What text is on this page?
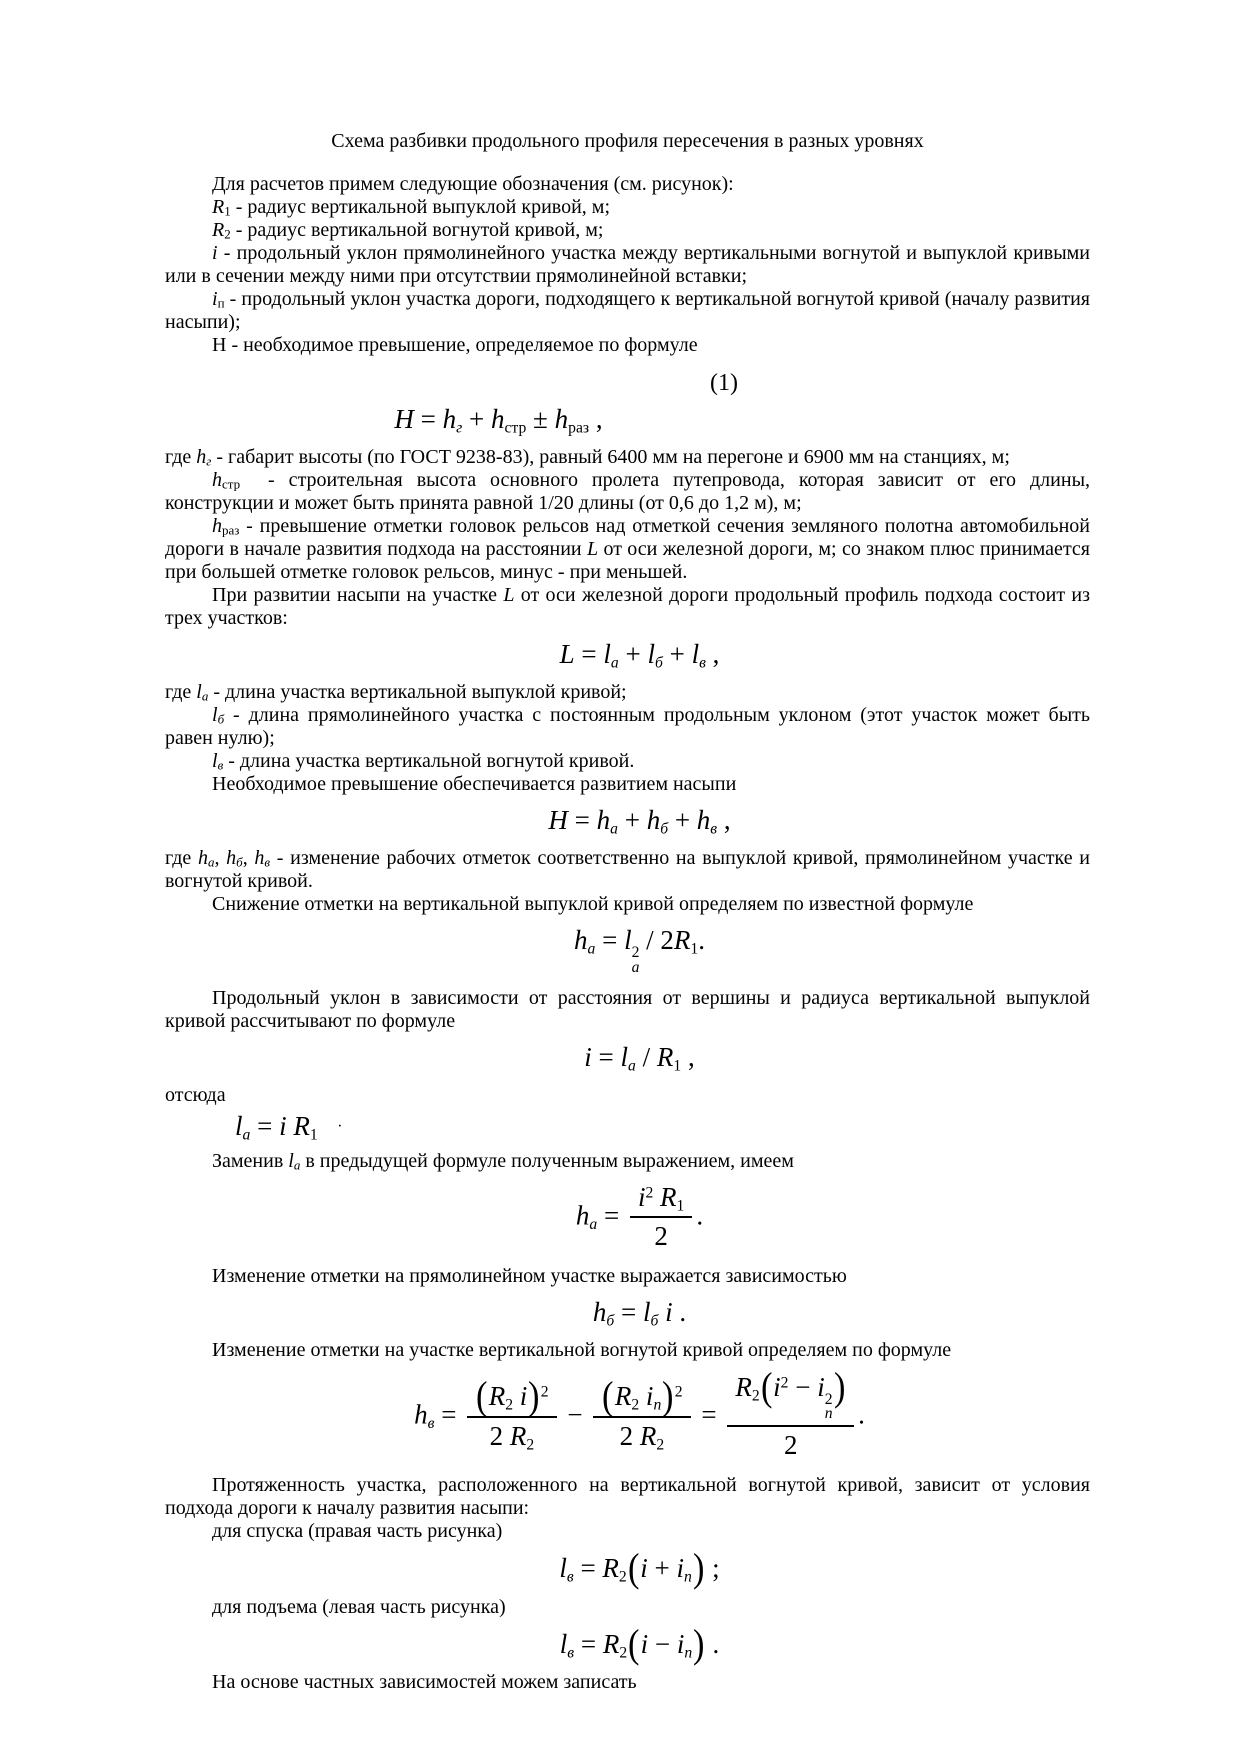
Схема разбивки продольного профиля пересечения в разных уровнях
Для расчетов примем следующие обозначения (см. рисунок):
$R_1$ - радиус вертикальной выпуклой кривой, м;
$R_2$ - радиус вертикальной вогнутой кривой, м;
i - продольный уклон прямолинейного участка между вертикальными вогнутой и выпуклой кривыми или в сечении между ними при отсутствии прямолинейной вставки;
$i_п$ - продольный уклон участка дороги, подходящего к вертикальной вогнутой кривой (началу развития насыпи);
Н - необходимое превышение, определяемое по формуле
(1)
$H = h_г + h_{стр} \pm h_{раз}$ ,
где $h_г$ - габарит высоты (по ГОСТ 9238-83), равный 6400 мм на перегоне и 6900 мм на станциях, м;
$h_{стр}$  - строительная высота основного пролета путепровода, которая зависит от его длины, конструкции и может быть принята равной 1/20 длины (от 0,6 до 1,2 м), м;
$h_{раз}$ - превышение отметки головок рельсов над отметкой сечения земляного полотна автомобильной дороги в начале развития подхода на расстоянии L от оси железной дороги, м; со знаком плюс принимается при большей отметке головок рельсов, минус - при меньшей.
При развитии насыпи на участке L от оси железной дороги продольный профиль подхода состоит из трех участков:
$L = l_а + l_б + l_в$ ,
где $l_а$ - длина участка вертикальной выпуклой кривой;
$l_б$ - длина прямолинейного участка с постоянным продольным уклоном (этот участок может быть равен нулю);
$l_в$ - длина участка вертикальной вогнутой кривой.
Необходимое превышение обеспечивается развитием насыпи
$H = h_а + h_б + h_в$ ,
где $h_а$, $h_б$, $h_в$ - изменение рабочих отметок соответственно на выпуклой кривой, прямолинейном участке и вогнутой кривой.
Снижение отметки на вертикальной выпуклой кривой определяем по известной формуле
$h_а = l$ 2
а
/ $2R_1$.
Продольный уклон в зависимости от расстояния от вершины и радиуса вертикальной выпуклой кривой рассчитывают по формуле
$i = l_а / R_1$ ,
отсюда
$l_а = i$ $R_1$   .
Заменив $l_а$ в предыдущей формуле полученным выражением, имеем
$h_а = \frac{i^2 R_1}{2}$ .
Изменение отметки на прямолинейном участке выражается зависимостью
$h_б = l_б$ i .
Изменение отметки на участке вертикальной вогнутой кривой определяем по формуле
$h_в = \frac{(R_2 i)^2}{2 R_2} - \frac{(R_2 i_n)^2}{2 R_2} = R_2(i^2 - i$ 2
n
)
2 .
Протяженность участка, расположенного на вертикальной вогнутой кривой, зависит от условия подхода дороги к началу развития насыпи:
для спуска (правая часть рисунка)
$l_в = R_2(i + i_n)$ ;
для подъема (левая часть рисунка)
$l_в = R_2(i - i_n)$ .
На основе частных зависимостей можем записать
